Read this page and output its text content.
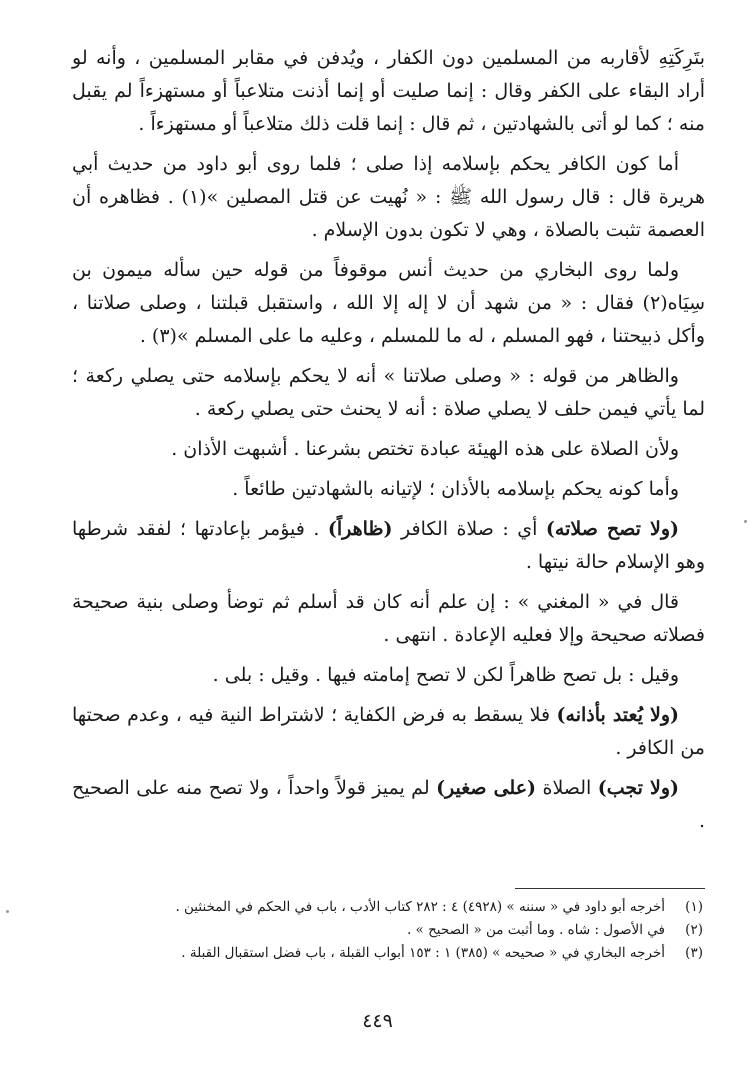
بتَرِكَتِهِ لأقاربه من المسلمين دون الكفار ، ويُدفن في مقابر المسلمين ، وأنه لو أراد البقاء على الكفر وقال : إنما صليت أو إنما أذنت متلاعباً أو مستهزءاً لم يقبل منه ؛ كما لو أتى بالشهادتين ، ثم قال : إنما قلت ذلك متلاعباً أو مستهزءاً .

أما كون الكافر يحكم بإسلامه إذا صلى ؛ فلما روى أبو داود من حديث أبي هريرة قال : قال رسول الله ﷺ : « نُهيت عن قتل المصلين »(١) . فظاهره أن العصمة تثبت بالصلاة ، وهي لا تكون بدون الإسلام .

ولما روى البخاري من حديث أنس موقوفاً من قوله حين سأله ميمون بن سِيَاه(٢) فقال : « من شهد أن لا إله إلا الله ، واستقبل قبلتنا ، وصلى صلاتنا ، وأكل ذبيحتنا ، فهو المسلم ، له ما للمسلم ، وعليه ما على المسلم »(٣) .

والظاهر من قوله : « وصلى صلاتنا » أنه لا يحكم بإسلامه حتى يصلي ركعة ؛ لما يأتي فيمن حلف لا يصلي صلاة : أنه لا يحنث حتى يصلي ركعة .

ولأن الصلاة على هذه الهيئة عبادة تختص بشرعنا . أشبهت الأذان .

وأما كونه يحكم بإسلامه بالأذان ؛ لإتيانه بالشهادتين طائعاً .

(ولا تصح صلاته) أي : صلاة الكافر (ظاهراً) . فيؤمر بإعادتها ؛ لفقد شرطها وهو الإسلام حالة نيتها .

قال في « المغني » : إن علم أنه كان قد أسلم ثم توضأ وصلى بنية صحيحة فصلاته صحيحة وإلا فعليه الإعادة . انتهى .

وقيل : بل تصح ظاهراً لكن لا تصح إمامته فيها . وقيل : بلى .

(ولا يُعتد بأذانه) فلا يسقط به فرض الكفاية ؛ لاشتراط النية فيه ، وعدم صحتها من الكافر .

(ولا تجب) الصلاة (على صغير) لم يميز قولاً واحداً ، ولا تصح منه على الصحيح .

(١)
أخرجه أبو داود في « سننه » (٤٩٢٨) ٤ : ٢٨٢ كتاب الأدب ، باب في الحكم في المخنثين .
(٢)
في الأصول : شاه . وما أثبت من « الصحيح » .
(٣)
أخرجه البخاري في « صحيحه » (٣٨٥) ١ : ١٥٣ أبواب القبلة ، باب فضل استقبال القبلة .
٤٤٩
